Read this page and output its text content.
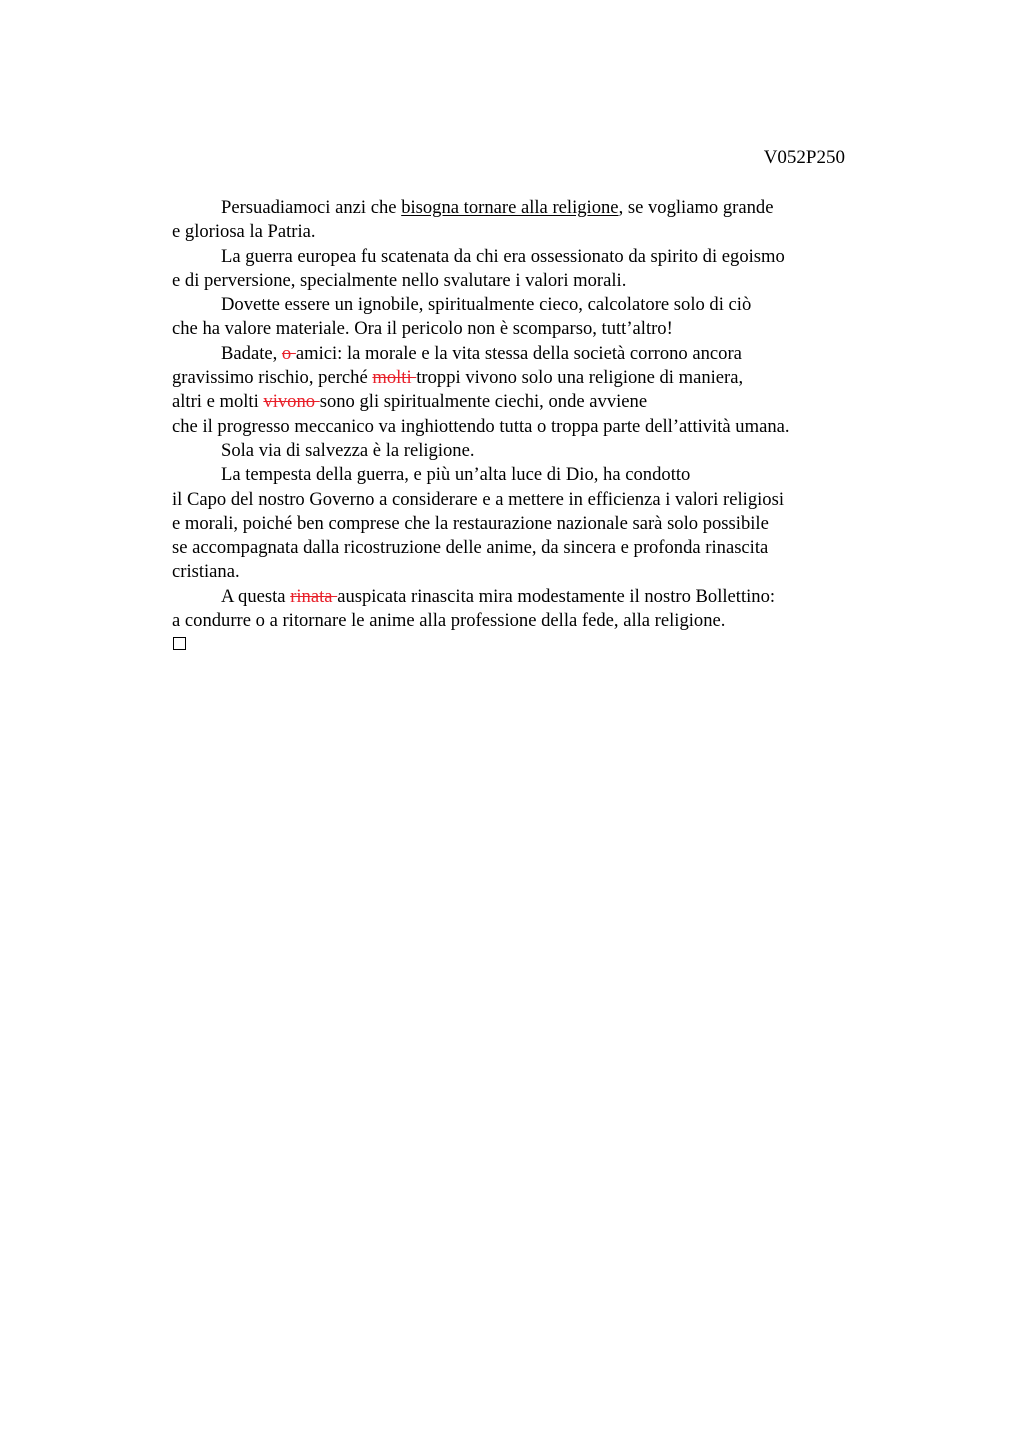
V052P250
Persuadiamoci anzi che bisogna tornare alla religione, se vogliamo grande
e gloriosa la Patria.
La guerra europea fu scatenata da chi era ossessionato da spirito di egoismo
e di perversione, specialmente nello svalutare i valori morali.
Dovette essere un ignobile, spiritualmente cieco, calcolatore solo di ciò
che ha valore materiale. Ora il pericolo non è scomparso, tutt’altro!
Badate, o amici: la morale e la vita stessa della società corrono ancora
gravissimo rischio, perché molti troppi vivono solo una religione di maniera,
altri e molti vivono sono gli spiritualmente ciechi, onde avviene
che il progresso meccanico va inghiottendo tutta o troppa parte dell’attività umana.
Sola via di salvezza è la religione.
La tempesta della guerra, e più un’alta luce di Dio, ha condotto
il Capo del nostro Governo a considerare e a mettere in efficienza i valori religiosi
e morali, poiché ben comprese che la restaurazione nazionale sarà solo possibile
se accompagnata dalla ricostruzione delle anime, da sincera e profonda rinascita
cristiana.
A questa rinata auspicata rinascita mira modestamente il nostro Bollettino:
a condurre o a ritornare le anime alla professione della fede, alla religione.
